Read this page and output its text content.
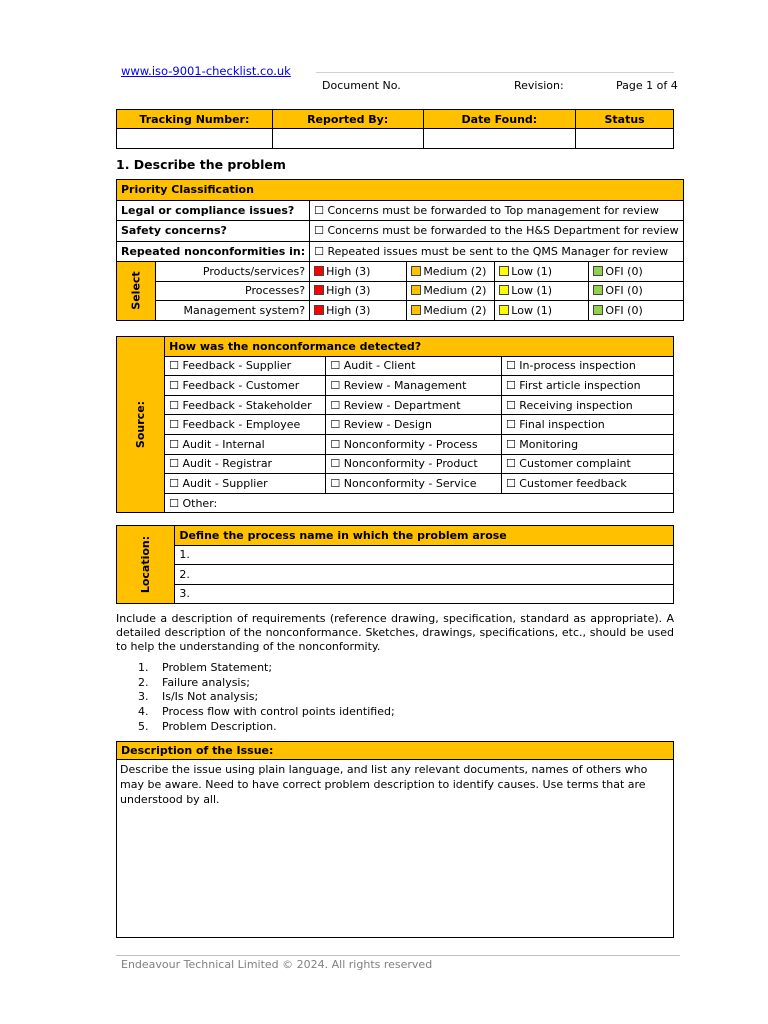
www.iso-9001-checklist.co.uk
Document No.	Revision:	Page 1 of 4
Tracking Number:	Reported By:	Date Found:	Status

1. Describe the problem
Priority Classification					
Legal or compliance issues?		☐ Concerns must be forwarded to Top management for review			
Safety concerns?		☐ Concerns must be forwarded to the H&S Department for review			
Repeated nonconformities in:		☐ Repeated issues must be sent to the QMS Manager for review			
Select	Products/services?	High (3)	Medium (2)	Low (1)	OFI (0)
	Processes?	High (3)	Medium (2)	Low (1)	OFI (0)
	Management system?	High (3)	Medium (2)	Low (1)	OFI (0)
Source:	How was the nonconformance detected?		
	☐ Feedback - Supplier	☐ Audit - Client	☐ In-process inspection
	☐ Feedback - Customer	☐ Review - Management	☐ First article inspection
	☐ Feedback - Stakeholder	☐ Review - Department	☐ Receiving inspection
	☐ Feedback - Employee	☐ Review - Design	☐ Final inspection
	☐ Audit - Internal	☐ Nonconformity - Process	☐ Monitoring
	☐ Audit - Registrar	☐ Nonconformity - Product	☐ Customer complaint
	☐ Audit - Supplier	☐ Nonconformity - Service	☐ Customer feedback
	☐ Other:		
Location:	Define the process name in which the problem arose
1.
2.
3.

Include a description of requirements (reference drawing, specification, standard as appropriate). A detailed description of the nonconformance. Sketches, drawings, specifications, etc., should be used to help the understanding of the nonconformity.

1. Problem Statement;
2. Failure analysis;
3. Is/Is Not analysis;
4. Process flow with control points identified;
5. Problem Description.
Description of the Issue:
Describe the issue using plain language, and list any relevant documents, names of others who may be aware. Need to have correct problem description to identify causes. Use terms that are understood by all.
Endeavour Technical Limited © 2024. All rights reserved
